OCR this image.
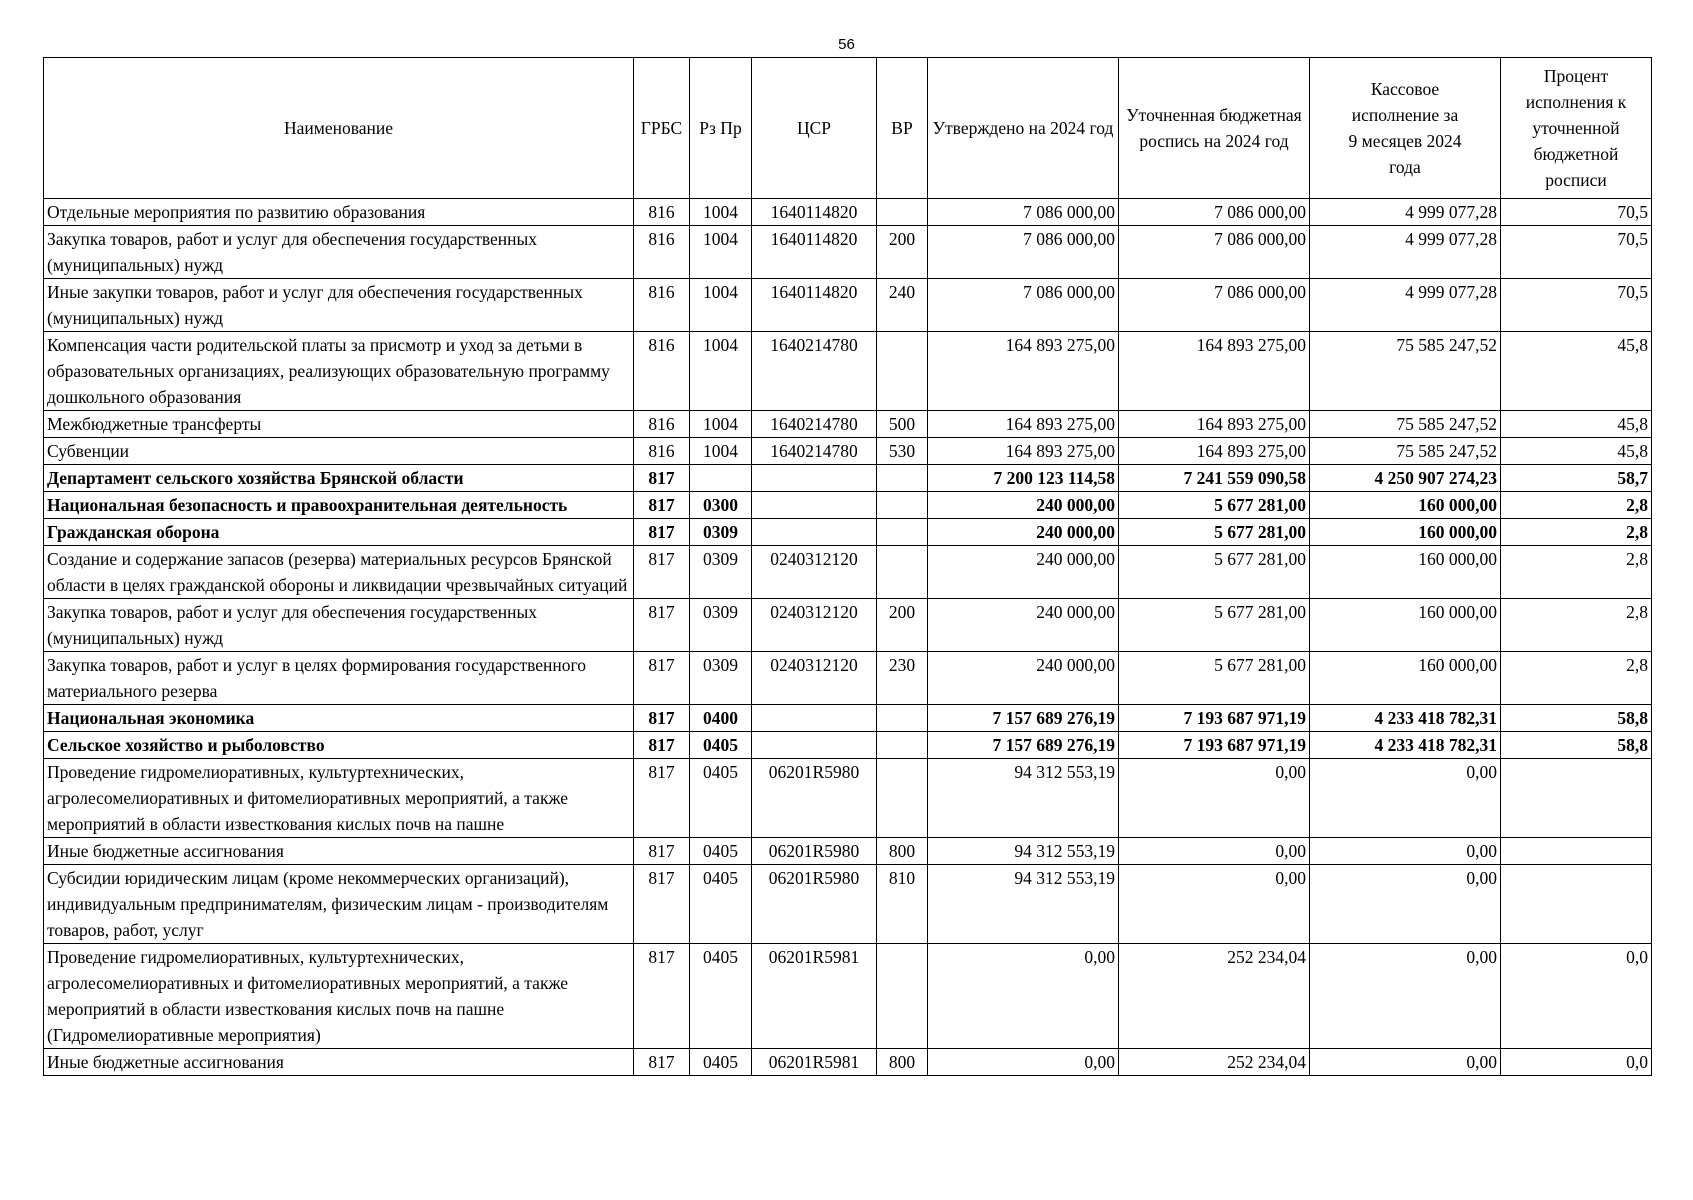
56
Наименование	ГРБС	Рз Пр	ЦСР	ВР	Утверждено на 2024 год	Уточненная бюджетная роспись на 2024 год	Кассовое исполнение за 9 месяцев 2024 года	Процент исполнения к уточненной бюджетной росписи
Отдельные мероприятия по развитию образования	816	1004	1640114820		7 086 000,00	7 086 000,00	4 999 077,28	70,5
Закупка товаров, работ и услуг для обеспечения государственных (муниципальных) нужд	816	1004	1640114820	200	7 086 000,00	7 086 000,00	4 999 077,28	70,5
Иные закупки товаров, работ и услуг для обеспечения государственных (муниципальных) нужд	816	1004	1640114820	240	7 086 000,00	7 086 000,00	4 999 077,28	70,5
Компенсация части родительской платы за присмотр и уход за детьми в образовательных организациях, реализующих образовательную программу дошкольного образования	816	1004	1640214780		164 893 275,00	164 893 275,00	75 585 247,52	45,8
Межбюджетные трансферты	816	1004	1640214780	500	164 893 275,00	164 893 275,00	75 585 247,52	45,8
Субвенции	816	1004	1640214780	530	164 893 275,00	164 893 275,00	75 585 247,52	45,8
Департамент сельского хозяйства Брянской области	817				7 200 123 114,58	7 241 559 090,58	4 250 907 274,23	58,7
Национальная безопасность и правоохранительная деятельность	817	0300			240 000,00	5 677 281,00	160 000,00	2,8
Гражданская оборона	817	0309			240 000,00	5 677 281,00	160 000,00	2,8
Создание и содержание запасов (резерва) материальных ресурсов Брянской области в целях гражданской обороны и ликвидации чрезвычайных ситуаций	817	0309	0240312120		240 000,00	5 677 281,00	160 000,00	2,8
Закупка товаров, работ и услуг для обеспечения государственных (муниципальных) нужд	817	0309	0240312120	200	240 000,00	5 677 281,00	160 000,00	2,8
Закупка товаров, работ и услуг в целях формирования государственного материального резерва	817	0309	0240312120	230	240 000,00	5 677 281,00	160 000,00	2,8
Национальная экономика	817	0400			7 157 689 276,19	7 193 687 971,19	4 233 418 782,31	58,8
Сельское хозяйство и рыболовство	817	0405			7 157 689 276,19	7 193 687 971,19	4 233 418 782,31	58,8
Проведение гидромелиоративных, культуртехнических, агролесомелиоративных и фитомелиоративных мероприятий, а также мероприятий в области известкования кислых почв на пашне	817	0405	06201R5980		94 312 553,19	0,00	0,00	
Иные бюджетные ассигнования	817	0405	06201R5980	800	94 312 553,19	0,00	0,00	
Субсидии юридическим лицам (кроме некоммерческих организаций), индивидуальным предпринимателям, физическим лицам - производителям товаров, работ, услуг	817	0405	06201R5980	810	94 312 553,19	0,00	0,00	
Проведение гидромелиоративных, культуртехнических, агролесомелиоративных и фитомелиоративных мероприятий, а также мероприятий в области известкования кислых почв на пашне (Гидромелиоративные мероприятия)	817	0405	06201R5981		0,00	252 234,04	0,00	0,0
Иные бюджетные ассигнования	817	0405	06201R5981	800	0,00	252 234,04	0,00	0,0
